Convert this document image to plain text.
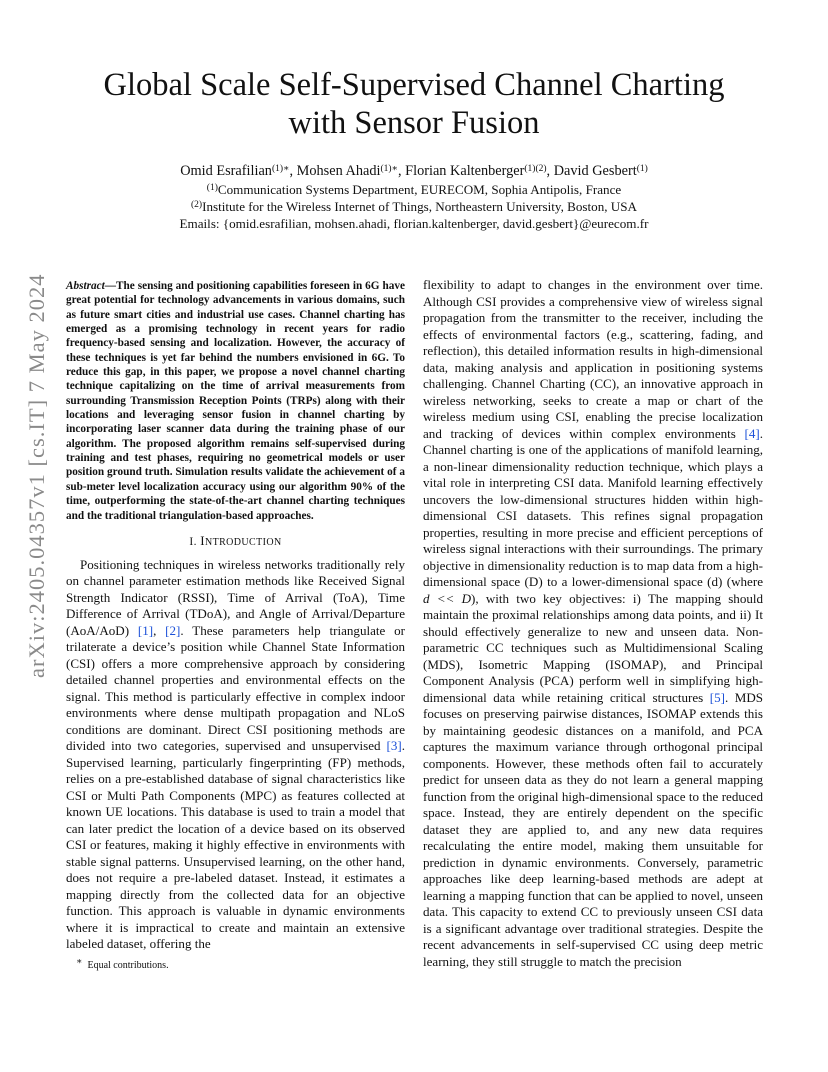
arXiv:2405.04357v1 [cs.IT] 7 May 2024
Global Scale Self-Supervised Channel Charting
with Sensor Fusion
Omid Esrafilian$^{(1)∗}$, Mohsen Ahadi$^{(1)∗}$, Florian Kaltenberger$^{(1)(2)}$, David Gesbert$^{(1)}$
$^{(1)}$Communication Systems Department, EURECOM, Sophia Antipolis, France
$^{(2)}$Institute for the Wireless Internet of Things, Northeastern University, Boston, USA
Emails: {omid.esrafilian, mohsen.ahadi, florian.kaltenberger, david.gesbert}@eurecom.fr

Abstract—The sensing and positioning capabilities foreseen in 6G have great potential for technology advancements in various domains, such as future smart cities and industrial use cases. Channel charting has emerged as a promising technology in recent years for radio frequency-based sensing and localization. However, the accuracy of these techniques is yet far behind the numbers envisioned in 6G. To reduce this gap, in this paper, we propose a novel channel charting technique capitalizing on the time of arrival measurements from surrounding Transmission Reception Points (TRPs) along with their locations and leveraging sensor fusion in channel charting by incorporating laser scanner data during the training phase of our algorithm. The proposed algorithm remains self-supervised during training and test phases, requiring no geometrical models or user position ground truth. Simulation results validate the achievement of a sub-meter level localization accuracy using our algorithm 90% of the time, outperforming the state-of-the-art channel charting techniques and the traditional triangulation-based approaches.

I. INTRODUCTION

Positioning techniques in wireless networks traditionally rely on channel parameter estimation methods like Received Signal Strength Indicator (RSSI), Time of Arrival (ToA), Time Difference of Arrival (TDoA), and Angle of Arrival/Departure (AoA/AoD) [1], [2]. These parameters help triangulate or trilaterate a device’s position while Channel State Information (CSI) offers a more comprehensive approach by considering detailed channel properties and environmental effects on the signal. This method is particularly effective in complex indoor environments where dense multipath propagation and NLoS conditions are dominant. Direct CSI positioning methods are divided into two categories, supervised and unsupervised [3]. Supervised learning, particularly fingerprinting (FP) methods, relies on a pre-established database of signal characteristics like CSI or Multi Path Components (MPC) as features collected at known UE locations. This database is used to train a model that can later predict the location of a device based on its observed CSI or features, making it highly effective in environments with stable signal patterns. Unsupervised learning, on the other hand, does not require a pre-labeled dataset. Instead, it estimates a mapping directly from the collected data for an objective function. This approach is valuable in dynamic environments where it is impractical to create and maintain an extensive labeled dataset, offering the

flexibility to adapt to changes in the environment over time. Although CSI provides a comprehensive view of wireless signal propagation from the transmitter to the receiver, including the effects of environmental factors (e.g., scattering, fading, and reflection), this detailed information results in high-dimensional data, making analysis and application in positioning systems challenging. Channel Charting (CC), an innovative approach in wireless networking, seeks to create a map or chart of the wireless medium using CSI, enabling the precise localization and tracking of devices within complex environments [4]. Channel charting is one of the applications of manifold learning, a non-linear dimensionality reduction technique, which plays a vital role in interpreting CSI data. Manifold learning effectively uncovers the low-dimensional structures hidden within high-dimensional CSI datasets. This refines signal propagation properties, resulting in more precise and efficient perceptions of wireless signal interactions with their surroundings. The primary objective in dimensionality reduction is to map data from a high-dimensional space (D) to a lower-dimensional space (d) (where d << D), with two key objectives: i) The mapping should maintain the proximal relationships among data points, and ii) It should effectively generalize to new and unseen data. Non-parametric CC techniques such as Multidimensional Scaling (MDS), Isometric Mapping (ISOMAP), and Principal Component Analysis (PCA) perform well in simplifying high-dimensional data while retaining critical structures [5]. MDS focuses on preserving pairwise distances, ISOMAP extends this by maintaining geodesic distances on a manifold, and PCA captures the maximum variance through orthogonal principal components. However, these methods often fail to accurately predict for unseen data as they do not learn a general mapping function from the original high-dimensional space to the reduced space. Instead, they are entirely dependent on the specific dataset they are applied to, and any new data requires recalculating the entire model, making them unsuitable for prediction in dynamic environments. Conversely, parametric approaches like deep learning-based methods are adept at learning a mapping function that can be applied to novel, unseen data. This capacity to extend CC to previously unseen CSI data is a significant advantage over traditional strategies. Despite the recent advancements in self-supervised CC using deep metric learning, they still struggle to match the precision

∗ Equal contributions.
